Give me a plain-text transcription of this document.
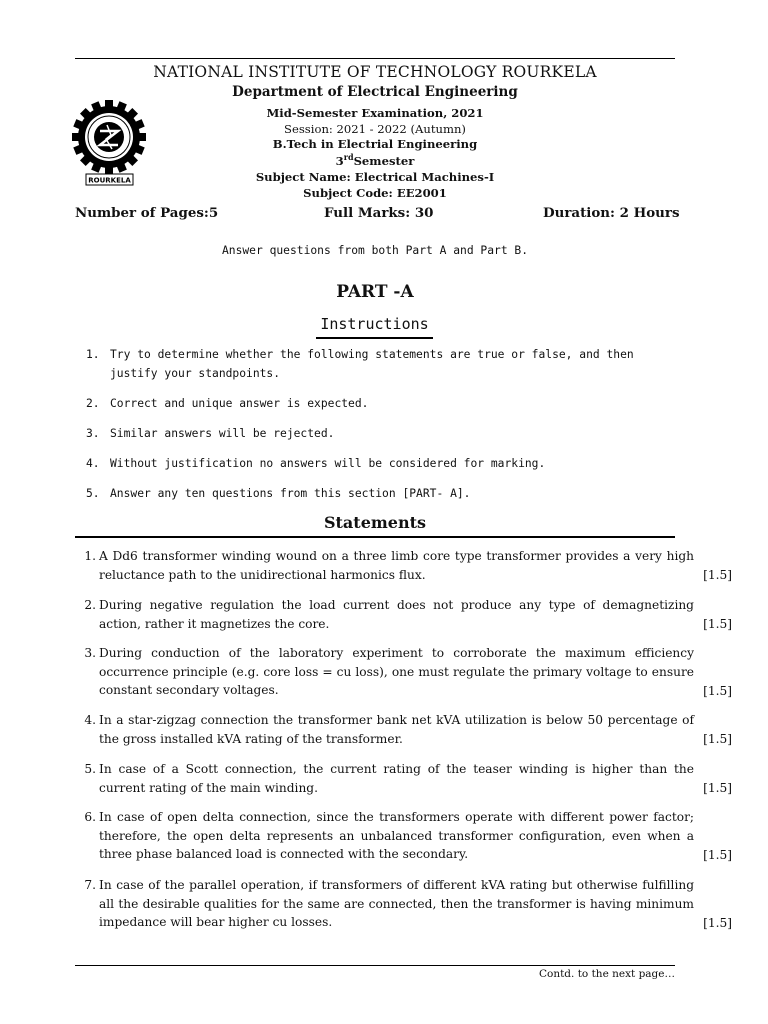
ROURKELA
NATIONAL INSTITUTE OF TECHNOLOGY ROURKELA
Department of Electrical Engineering
Mid-Semester Examination, 2021
Session: 2021 - 2022 (Autumn)
B.Tech in Electrial Engineering
3rdSemester
Subject Name: Electrical Machines-I
Subject Code: EE2001
Number of Pages:5	Full Marks: 30	Duration: 2 Hours
Answer questions from both Part A and Part B.
PART -A
Instructions
1. Try to determine whether the following statements are true or false, and then
justify your standpoints.
2. Correct and unique answer is expected.
3. Similar answers will be rejected.
4. Without justification no answers will be considered for marking.
5. Answer any ten questions from this section [PART- A].
Statements
1. A Dd6 transformer winding wound on a three limb core type transformer provides a very high reluctance path to the unidirectional harmonics flux.	[1.5]
2. During negative regulation the load current does not produce any type of demagnetizing action, rather it magnetizes the core.	[1.5]
3. During conduction of the laboratory experiment to corroborate the maximum efficiency occurrence principle (e.g. core loss = cu loss), one must regulate the primary voltage to ensure constant secondary voltages.	[1.5]
4. In a star-zigzag connection the transformer bank net kVA utilization is below 50 percentage of the gross installed kVA rating of the transformer.	[1.5]
5. In case of a Scott connection, the current rating of the teaser winding is higher than the current rating of the main winding.	[1.5]
6. In case of open delta connection, since the transformers operate with different power factor; therefore, the open delta represents an unbalanced transformer configuration, even when a three phase balanced load is connected with the secondary.	[1.5]
7. In case of the parallel operation, if transformers of different kVA rating but otherwise fulfilling all the desirable qualities for the same are connected, then the transformer is having minimum impedance will bear higher cu losses.	[1.5]
Contd. to the next page…
